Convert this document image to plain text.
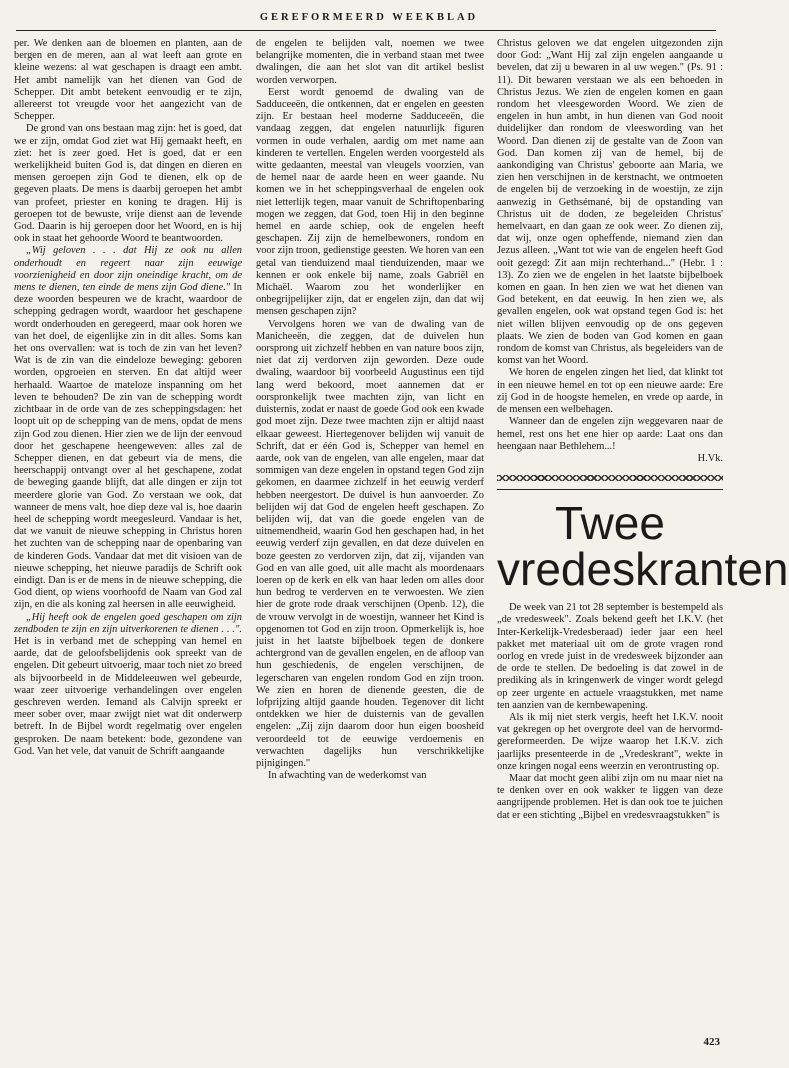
GEREFORMEERD WEEKBLAD

per. We denken aan de bloemen en planten, aan de bergen en de meren, aan al wat leeft aan grote en kleine wezens: al wat geschapen is draagt een ambt. Het ambt namelijk van het dienen van God de Schepper. Dit ambt betekent eenvoudig er te zijn, allereerst tot vreugde voor het aangezicht van de Schepper.

De grond van ons bestaan mag zijn: het is goed, dat we er zijn, omdat God ziet wat Hij gemaakt heeft, en ziet: het is zeer goed. Het is goed, dat er een werkelijkheid buiten God is, dat dingen en dieren en mensen geroepen zijn God te dienen, elk op de gegeven plaats. De mens is daarbij geroepen het ambt van profeet, priester en koning te dragen. Hij is geroepen tot de bewuste, vrije dienst aan de levende God. Daarin is hij geroepen door het Woord, en is hij ook in staat het gehoorde Woord te beantwoorden.

„Wij geloven . . . dat Hij ze ook nu allen onderhoudt en regeert naar zijn eeuwige voorzienigheid en door zijn oneindige kracht, om de mens te dienen, ten einde de mens zijn God diene." In deze woorden bespeuren we de kracht, waardoor de schepping gedragen wordt, waardoor het geschapene wordt onderhouden en geregeerd, maar ook horen we van het doel, de eigenlijke zin in dit alles. Soms kan het ons overvallen: wat is toch de zin van het leven? Wat is de zin van die eindeloze beweging: geboren worden, opgroeien en sterven. En dat altijd weer herhaald. Waartoe de mateloze inspanning om het leven te behouden? De zin van de schepping wordt zichtbaar in de orde van de zes scheppingsdagen: het loopt uit op de schepping van de mens, opdat de mens zijn God zou dienen. Hier zien we de lijn der eenvoud door het geschapene heengeweven: alles zal de Schepper dienen, en dat gebeurt via de mens, die heerschappij ontvangt over al het geschapene, zodat de beweging gaande blijft, dat alle dingen er zijn tot meerdere glorie van God. Zo verstaan we ook, dat wanneer de mens valt, hoe diep deze val is, hoe daarin heel de schepping wordt meegesleurd. Vandaar is het, dat we vanuit de nieuwe schepping in Christus horen het zuchten van de schepping naar de openbaring van de kinderen Gods. Vandaar dat met dit visioen van de nieuwe schepping, het nieuwe paradijs de Schrift ook eindigt. Dan is er de mens in de nieuwe schepping, die God dient, op wiens voorhoofd de Naam van God zal zijn, en die als koning zal heersen in alle eeuwigheid.

„Hij heeft ook de engelen goed geschapen om zijn zendboden te zijn en zijn uitverkorenen te dienen . . .". Het is in verband met de schepping van hemel en aarde, dat de geloofsbelijdenis ook spreekt van de engelen. Dit gebeurt uitvoerig, maar toch niet zo breed als bijvoorbeeld in de Middeleeuwen wel gebeurde, waar zeer uitvoerige verhandelingen over engelen geschreven werden. Iemand als Calvijn spreekt er meer sober over, maar zwijgt niet wat dit onderwerp betreft. In de Bijbel wordt regelmatig over engelen gesproken. De naam betekent: bode, gezondene van God. Van het vele, dat vanuit de Schrift aangaande

de engelen te belijden valt, noemen we twee belangrijke momenten, die in verband staan met twee dwalingen, die aan het slot van dit artikel beslist worden verworpen.

Eerst wordt genoemd de dwaling van de Sadduceeën, die ontkennen, dat er engelen en geesten zijn. Er bestaan heel moderne Sadduceeën, die vandaag zeggen, dat engelen natuurlijk figuren vormen in oude verhalen, aardig om met name aan kinderen te vertellen. Engelen werden voorgesteld als witte gedaanten, meestal van vleugels voorzien, van de hemel naar de aarde heen en weer gaande. Nu komen we in het scheppingsverhaal de engelen ook niet letterlijk tegen, maar vanuit de Schriftopenbaring mogen we zeggen, dat God, toen Hij in den beginne hemel en aarde schiep, ook de engelen heeft geschapen. Zij zijn de hemelbewoners, rondom en voor zijn troon, gedienstige geesten. We horen van een getal van tienduizend maal tienduizenden, maar we kennen er ook enkele bij name, zoals Gabriël en Michaël. Waarom zou het wonderlijker en onbegrijpelijker zijn, dat er engelen zijn, dan dat wij mensen geschapen zijn?

Vervolgens horen we van de dwaling van de Manicheeën, die zeggen, dat de duivelen hun oorsprong uit zichzelf hebben en van nature boos zijn, niet dat zij verdorven zijn geworden. Deze oude dwaling, waardoor bij voorbeeld Augustinus een tijd lang werd bekoord, moet aannemen dat er oorspronkelijk twee machten zijn, van licht en duisternis, zodat er naast de goede God ook een kwade god moet zijn. Deze twee machten zijn er altijd naast elkaar geweest. Hiertegenover belijden wij vanuit de Schrift, dat er één God is, Schepper van hemel en aarde, ook van de engelen, van alle engelen, maar dat sommigen van deze engelen in opstand tegen God zijn gekomen, en daarmee zichzelf in het eeuwig verderf hebben neergestort. De duivel is hun aanvoerder. Zo belijden wij dat God de engelen heeft geschapen. Zo belijden wij, dat van die goede engelen van de uitnemendheid, waarin God hen geschapen had, in het eeuwig verderf zijn gevallen, en dat deze duivelen en boze geesten zo verdorven zijn, dat zij, vijanden van God en van alle goed, uit alle macht als moordenaars loeren op de kerk en elk van haar leden om alles door hun bedrog te verderven en te verwoesten. We zien hier de grote rode draak verschijnen (Openb. 12), die de vrouw vervolgt in de woestijn, wanneer het Kind is opgenomen tot God en zijn troon. Opmerkelijk is, hoe juist in het laatste bijbelboek tegen de donkere achtergrond van de gevallen engelen, en de afloop van hun geschiedenis, de engelen verschijnen, de legerscharen van engelen rondom God en zijn troon. We zien en horen de dienende geesten, die de lofprijzing altijd gaande houden. Tegenover dit licht ontdekken we hier de duisternis van de gevallen engelen: „Zij zijn daarom door hun eigen boosheid veroordeeld tot de eeuwige verdoemenis en verwachten dagelijks hun verschrikkelijke pijnigingen."

In afwachting van de wederkomst van

Christus geloven we dat engelen uitgezonden zijn door God: „Want Hij zal zijn engelen aangaande u bevelen, dat zij u bewaren in al uw wegen." (Ps. 91 : 11). Dit bewaren verstaan we als een behoeden in Christus Jezus. We zien de engelen komen en gaan rondom het vleesgeworden Woord. We zien de engelen in hun ambt, in hun dienen van God nooit duidelijker dan rondom de vleeswording van het Woord. Dan dienen zij de gestalte van de Zoon van God. Dan komen zij van de hemel, bij de aankondiging van Christus' geboorte aan Maria, we zien hen verschijnen in de kerstnacht, we ontmoeten de engelen bij de verzoeking in de woestijn, ze zijn aanwezig in Gethsémané, bij de opstanding van Christus uit de doden, ze begeleiden Christus' hemelvaart, en dan gaan ze ook weer. Zo dienen zij, dat wij, onze ogen opheffende, niemand zien dan Jezus alleen. „Want tot wie van de engelen heeft God ooit gezegd: Zit aan mijn rechterhand..." (Hebr. 1 : 13). Zo zien we de engelen in het laatste bijbelboek komen en gaan. In hen zien we wat het dienen van God betekent, en dat eeuwig. In hen zien we, als gevallen engelen, ook wat opstand tegen God is: het niet willen blijven eenvoudig op de ons gegeven plaats. We zien de boden van God komen en gaan rondom de komst van Christus, als begeleiders van de komst van het Woord.

We horen de engelen zingen het lied, dat klinkt tot in een nieuwe hemel en tot op een nieuwe aarde: Ere zij God in de hoogste hemelen, en vrede op aarde, in de mensen een welbehagen.

Wanneer dan de engelen zijn weggevaren naar de hemel, rest ons het ene hier op aarde: Laat ons dan heengaan naar Bethlehem...!

H.Vk.

Twee vredeskranten

De week van 21 tot 28 september is bestempeld als „de vredesweek". Zoals bekend geeft het I.K.V. (het Inter-Kerkelijk-Vredesberaad) ieder jaar een heel pakket met materiaal uit om de grote vragen rond oorlog en vrede juist in de vredesweek bijzonder aan de orde te stellen. De bedoeling is dat zowel in de prediking als in kringenwerk de vinger wordt gelegd op zeer urgente en actuele vraagstukken, met name ten aanzien van de kernbewapening.

Als ik mij niet sterk vergis, heeft het I.K.V. nooit vat gekregen op het overgrote deel van de hervormd-gereformeerden. De wijze waarop het I.K.V. zich jaarlijks presenteerde in de „Vredeskrant", wekte in onze kringen nogal eens weerzin en verontrusting op.

Maar dat mocht geen alibi zijn om nu maar niet na te denken over en ook wakker te liggen van deze aangrijpende problemen. Het is dan ook toe te juichen dat er een stichting „Bijbel en vredesvraagstukken" is

423
